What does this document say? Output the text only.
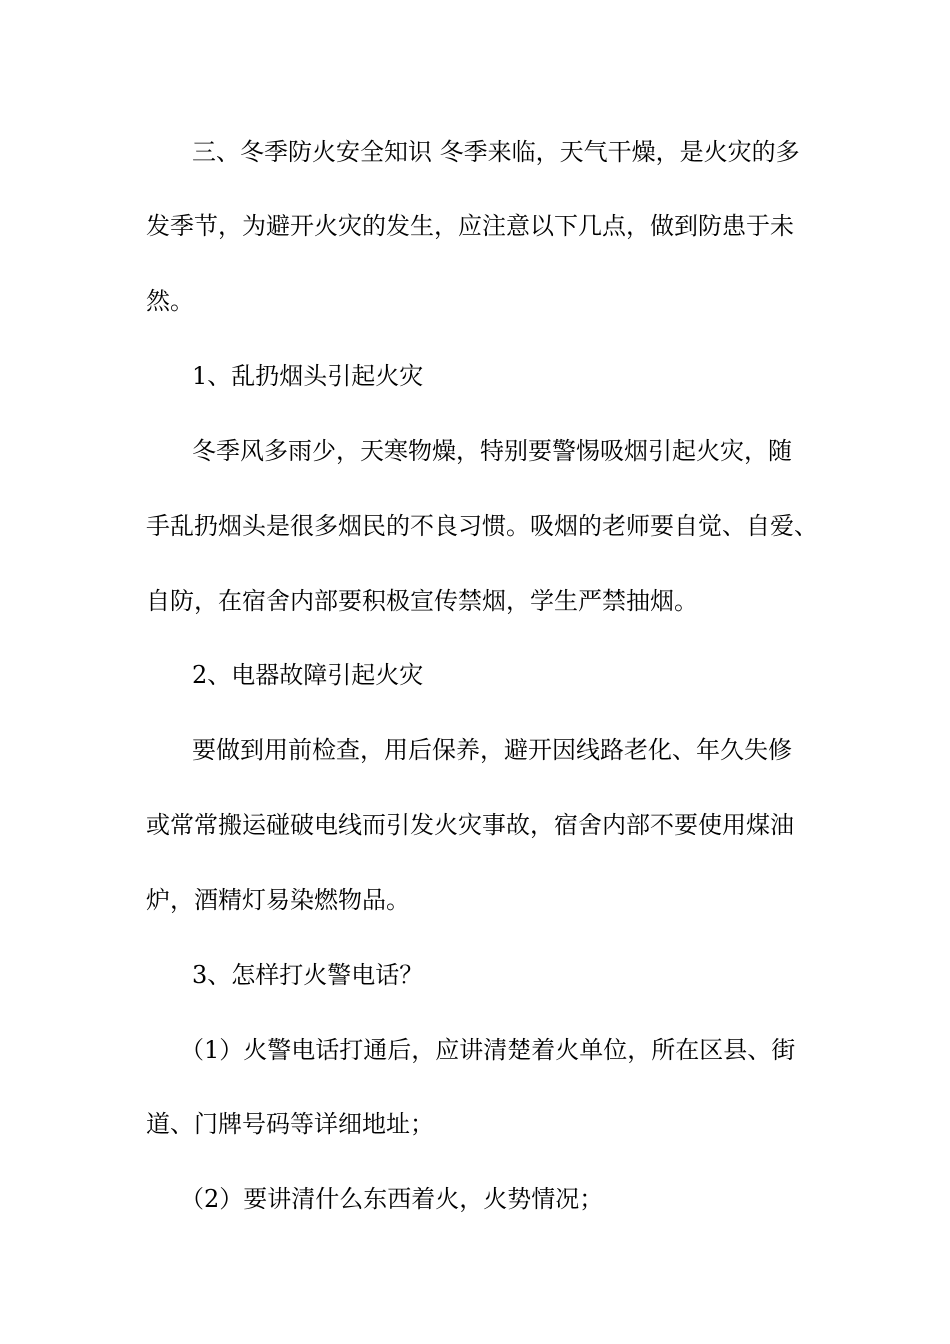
三、冬季防火安全知识 冬季来临，天气干燥，是火灾的多
发季节，为避开火灾的发生，应注意以下几点，做到防患于未
然。
1、乱扔烟头引起火灾
冬季风多雨少，天寒物燥，特别要警惕吸烟引起火灾，随
手乱扔烟头是很多烟民的不良习惯。吸烟的老师要自觉、自爱、
自防，在宿舍内部要积极宣传禁烟，学生严禁抽烟。
2、电器故障引起火灾
要做到用前检查，用后保养，避开因线路老化、年久失修
或常常搬运碰破电线而引发火灾事故，宿舍内部不要使用煤油
炉，酒精灯易染燃物品。
3、怎样打火警电话？
（1）火警电话打通后，应讲清楚着火单位，所在区县、街
道、门牌号码等详细地址；
（2）要讲清什么东西着火，火势情况；
